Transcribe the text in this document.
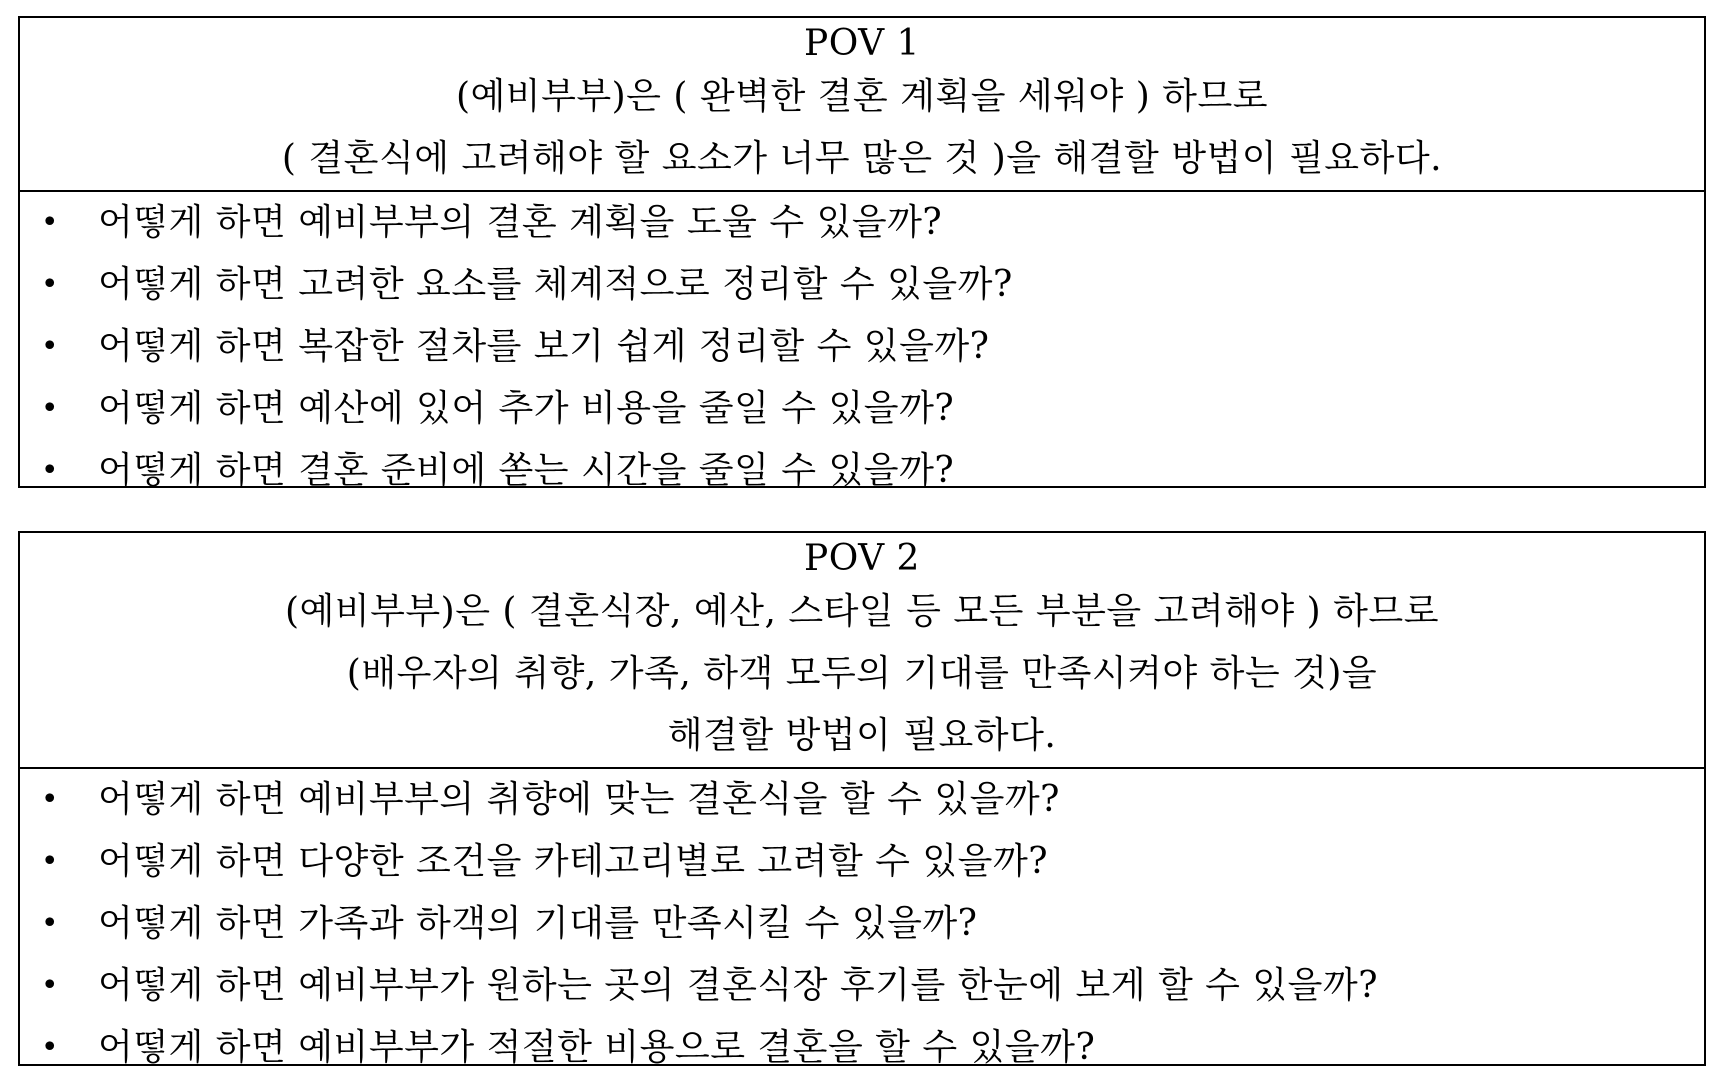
POV 1
(예비부부)은 ( 완벽한 결혼 계획을 세워야 ) 하므로
( 결혼식에 고려해야 할 요소가 너무 많은 것 )을 해결할 방법이 필요하다.
• 어떻게 하면 예비부부의 결혼 계획을 도울 수 있을까?
• 어떻게 하면 고려한 요소를 체계적으로 정리할 수 있을까?
• 어떻게 하면 복잡한 절차를 보기 쉽게 정리할 수 있을까?
• 어떻게 하면 예산에 있어 추가 비용을 줄일 수 있을까?
• 어떻게 하면 결혼 준비에 쏟는 시간을 줄일 수 있을까?
POV 2
(예비부부)은 ( 결혼식장, 예산, 스타일 등 모든 부분을 고려해야 ) 하므로
(배우자의 취향, 가족, 하객 모두의 기대를 만족시켜야 하는 것)을
해결할 방법이 필요하다.
• 어떻게 하면 예비부부의 취향에 맞는 결혼식을 할 수 있을까?
• 어떻게 하면 다양한 조건을 카테고리별로 고려할 수 있을까?
• 어떻게 하면 가족과 하객의 기대를 만족시킬 수 있을까?
• 어떻게 하면 예비부부가 원하는 곳의 결혼식장 후기를 한눈에 보게 할 수 있을까?
• 어떻게 하면 예비부부가 적절한 비용으로 결혼을 할 수 있을까?
